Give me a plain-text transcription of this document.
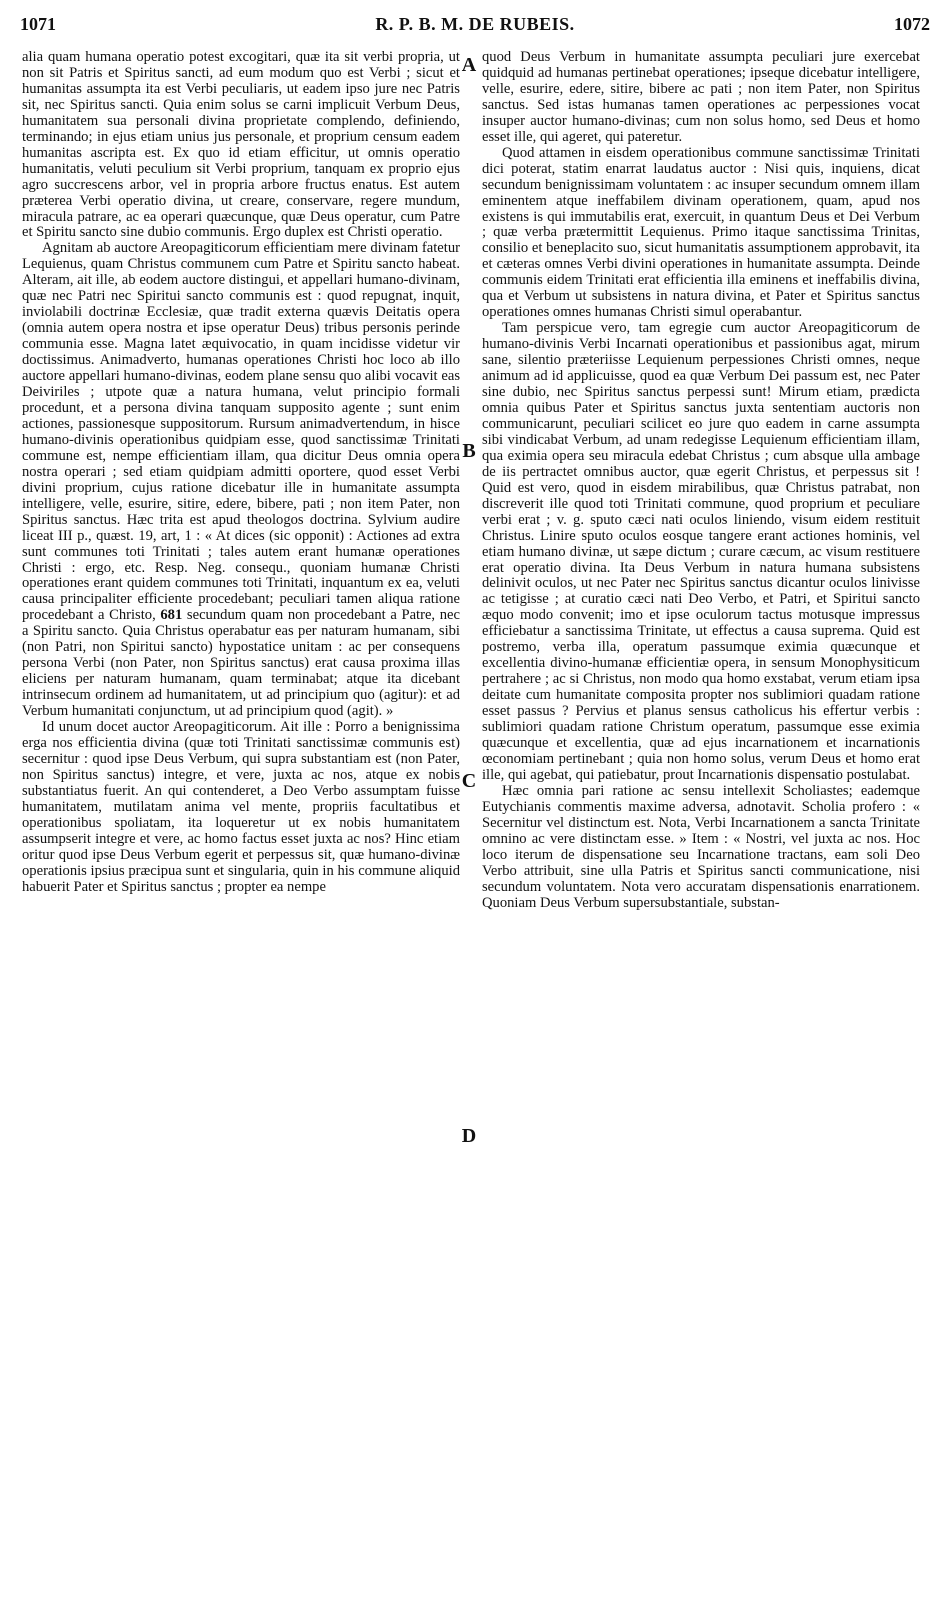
1071	R. P. B. M. DE RUBEIS.	1072

alia quam humana operatio potest excogitari, quæ ita sit verbi propria, ut non sit Patris et Spiritus sancti, ad eum modum quo est Verbi ; sicut et humanitas assumpta ita est Verbi peculiaris, ut eadem ipso jure nec Patris sit, nec Spiritus sancti. Quia enim solus se carni implicuit Verbum Deus, humanitatem sua personali divina proprietate complendo, definiendo, terminando; in ejus etiam unius jus personale, et proprium censum eadem humanitas ascripta est. Ex quo id etiam efficitur, ut omnis operatio humanitatis, veluti peculium sit Verbi proprium, tanquam ex proprio ejus agro succrescens arbor, vel in propria arbore fructus enatus. Est autem præterea Verbi operatio divina, ut creare, conservare, regere mundum, miracula patrare, ac ea operari quæcunque, quæ Deus operatur, cum Patre et Spiritu sancto sine dubio communis. Ergo duplex est Christi operatio.

Agnitam ab auctore Areopagiticorum efficientiam mere divinam fatetur Lequienus, quam Christus communem cum Patre et Spiritu sancto habeat. Alteram, ait ille, ab eodem auctore distingui, et appellari humano-divinam, quæ nec Patri nec Spiritui sancto communis est : quod repugnat, inquit, inviolabili doctrinæ Ecclesiæ, quæ tradit externa quævis Deitatis opera (omnia autem opera nostra et ipse operatur Deus) tribus personis perinde communia esse. Magna latet æquivocatio, in quam incidisse videtur vir doctissimus. Animadverto, humanas operationes Christi hoc loco ab illo auctore appellari humano-divinas, eodem plane sensu quo alibi vocavit eas Deiviriles ; utpote quæ a natura humana, velut principio formali procedunt, et a persona divina tanquam supposito agente ; sunt enim actiones, passionesque suppositorum. Rursum animadvertendum, in hisce humano-divinis operationibus quidpiam esse, quod sanctissimæ Trinitati commune est, nempe efficientiam illam, qua dicitur Deus omnia opera nostra operari ; sed etiam quidpiam admitti oportere, quod esset Verbi divini proprium, cujus ratione dicebatur ille in humanitate assumpta intelligere, velle, esurire, sitire, edere, bibere, pati ; non item Pater, non Spiritus sanctus. Hæc trita est apud theologos doctrina. Sylvium audire liceat III p., quæst. 19, art, 1 : « At dices (sic opponit) : Actiones ad extra sunt communes toti Trinitati ; tales autem erant humanæ operationes Christi : ergo, etc. Resp. Neg. consequ., quoniam humanæ Christi operationes erant quidem communes toti Trinitati, inquantum ex ea, veluti causa principaliter efficiente procedebant; peculiari tamen aliqua ratione procedebant a Christo, 681 secundum quam non procedebant a Patre, nec a Spiritu sancto. Quia Christus operabatur eas per naturam humanam, sibi (non Patri, non Spiritui sancto) hypostatice unitam : ac per consequens persona Verbi (non Pater, non Spiritus sanctus) erat causa proxima illas eliciens per naturam humanam, quam terminabat; atque ita dicebant intrinsecum ordinem ad humanitatem, ut ad principium quo (agitur): et ad Verbum humanitati conjunctum, ut ad principium quod (agit). »

Id unum docet auctor Areopagiticorum. Ait ille : Porro a benignissima erga nos efficientia divina (quæ toti Trinitati sanctissimæ communis est) secernitur : quod ipse Deus Verbum, qui supra substantiam est (non Pater, non Spiritus sanctus) integre, et vere, juxta ac nos, atque ex nobis substantiatus fuerit. An qui contenderet, a Deo Verbo assumptam fuisse humanitatem, mutilatam anima vel mente, propriis facultatibus et operationibus spoliatam, ita loqueretur ut ex nobis humanitatem assumpserit integre et vere, ac homo factus esset juxta ac nos? Hinc etiam oritur quod ipse Deus Verbum egerit et perpessus sit, quæ humano-divinæ operationis ipsius præcipua sunt et singularia, quin in his commune aliquid habuerit Pater et Spiritus sanctus ; propter ea nempe

A
B
C
D

quod Deus Verbum in humanitate assumpta peculiari jure exercebat quidquid ad humanas pertinebat operationes; ipseque dicebatur intelligere, velle, esurire, edere, sitire, bibere ac pati ; non item Pater, non Spiritus sanctus. Sed istas humanas tamen operationes ac perpessiones vocat insuper auctor humano-divinas; cum non solus homo, sed Deus et homo esset ille, qui ageret, qui pateretur.

Quod attamen in eisdem operationibus commune sanctissimæ Trinitati dici poterat, statim enarrat laudatus auctor : Nisi quis, inquiens, dicat secundum benignissimam voluntatem : ac insuper secundum omnem illam eminentem atque ineffabilem divinam operationem, quam, apud nos existens is qui immutabilis erat, exercuit, in quantum Deus et Dei Verbum ; quæ verba prætermittit Lequienus. Primo itaque sanctissima Trinitas, consilio et beneplacito suo, sicut humanitatis assumptionem approbavit, ita et cæteras omnes Verbi divini operationes in humanitate assumpta. Deinde communis eidem Trinitati erat efficientia illa eminens et ineffabilis divina, qua et Verbum ut subsistens in natura divina, et Pater et Spiritus sanctus operationes omnes humanas Christi simul operabantur.

Tam perspicue vero, tam egregie cum auctor Areopagiticorum de humano-divinis Verbi Incarnati operationibus et passionibus agat, mirum sane, silentio præteriisse Lequienum perpessiones Christi omnes, neque animum ad id applicuisse, quod ea quæ Verbum Dei passum est, nec Pater sine dubio, nec Spiritus sanctus perpessi sunt! Mirum etiam, prædicta omnia quibus Pater et Spiritus sanctus juxta sententiam auctoris non communicarunt, peculiari scilicet eo jure quo eadem in carne assumpta sibi vindicabat Verbum, ad unam redegisse Lequienum efficientiam illam, qua eximia opera seu miracula edebat Christus ; cum absque ulla ambage de iis pertractet omnibus auctor, quæ egerit Christus, et perpessus sit ! Quid est vero, quod in eisdem mirabilibus, quæ Christus patrabat, non discreverit ille quod toti Trinitati commune, quod proprium et peculiare verbi erat ; v. g. sputo cæci nati oculos liniendo, visum eidem restituit Christus. Linire sputo oculos eosque tangere erant actiones hominis, vel etiam humano divinæ, ut sæpe dictum ; curare cæcum, ac visum restituere erat operatio divina. Ita Deus Verbum in natura humana subsistens delinivit oculos, ut nec Pater nec Spiritus sanctus dicantur oculos linivisse ac tetigisse ; at curatio cæci nati Deo Verbo, et Patri, et Spiritui sancto æquo modo convenit; imo et ipse oculorum tactus motusque impressus efficiebatur a sanctissima Trinitate, ut effectus a causa suprema. Quid est postremo, verba illa, operatum passumque eximia quæcunque et excellentia divino-humanæ efficientiæ opera, in sensum Monophysiticum pertrahere ; ac si Christus, non modo qua homo exstabat, verum etiam ipsa deitate cum humanitate composita propter nos sublimiori quadam ratione esset passus ? Pervius et planus sensus catholicus his effertur verbis : sublimiori quadam ratione Christum operatum, passumque esse eximia quæcunque et excellentia, quæ ad ejus incarnationem et incarnationis œconomiam pertinebant ; quia non homo solus, verum Deus et homo erat ille, qui agebat, qui patiebatur, prout Incarnationis dispensatio postulabat.

Hæc omnia pari ratione ac sensu intellexit Scholiastes; eademque Eutychianis commentis maxime adversa, adnotavit. Scholia profero : « Secernitur vel distinctum est. Nota, Verbi Incarnationem a sancta Trinitate omnino ac vere distinctam esse. » Item : « Nostri, vel juxta ac nos. Hoc loco iterum de dispensatione seu Incarnatione tractans, eam soli Deo Verbo attribuit, sine ulla Patris et Spiritus sancti communicatione, nisi secundum voluntatem. Nota vero accuratam dispensationis enarrationem. Quoniam Deus Verbum supersubstantiale, substan-
